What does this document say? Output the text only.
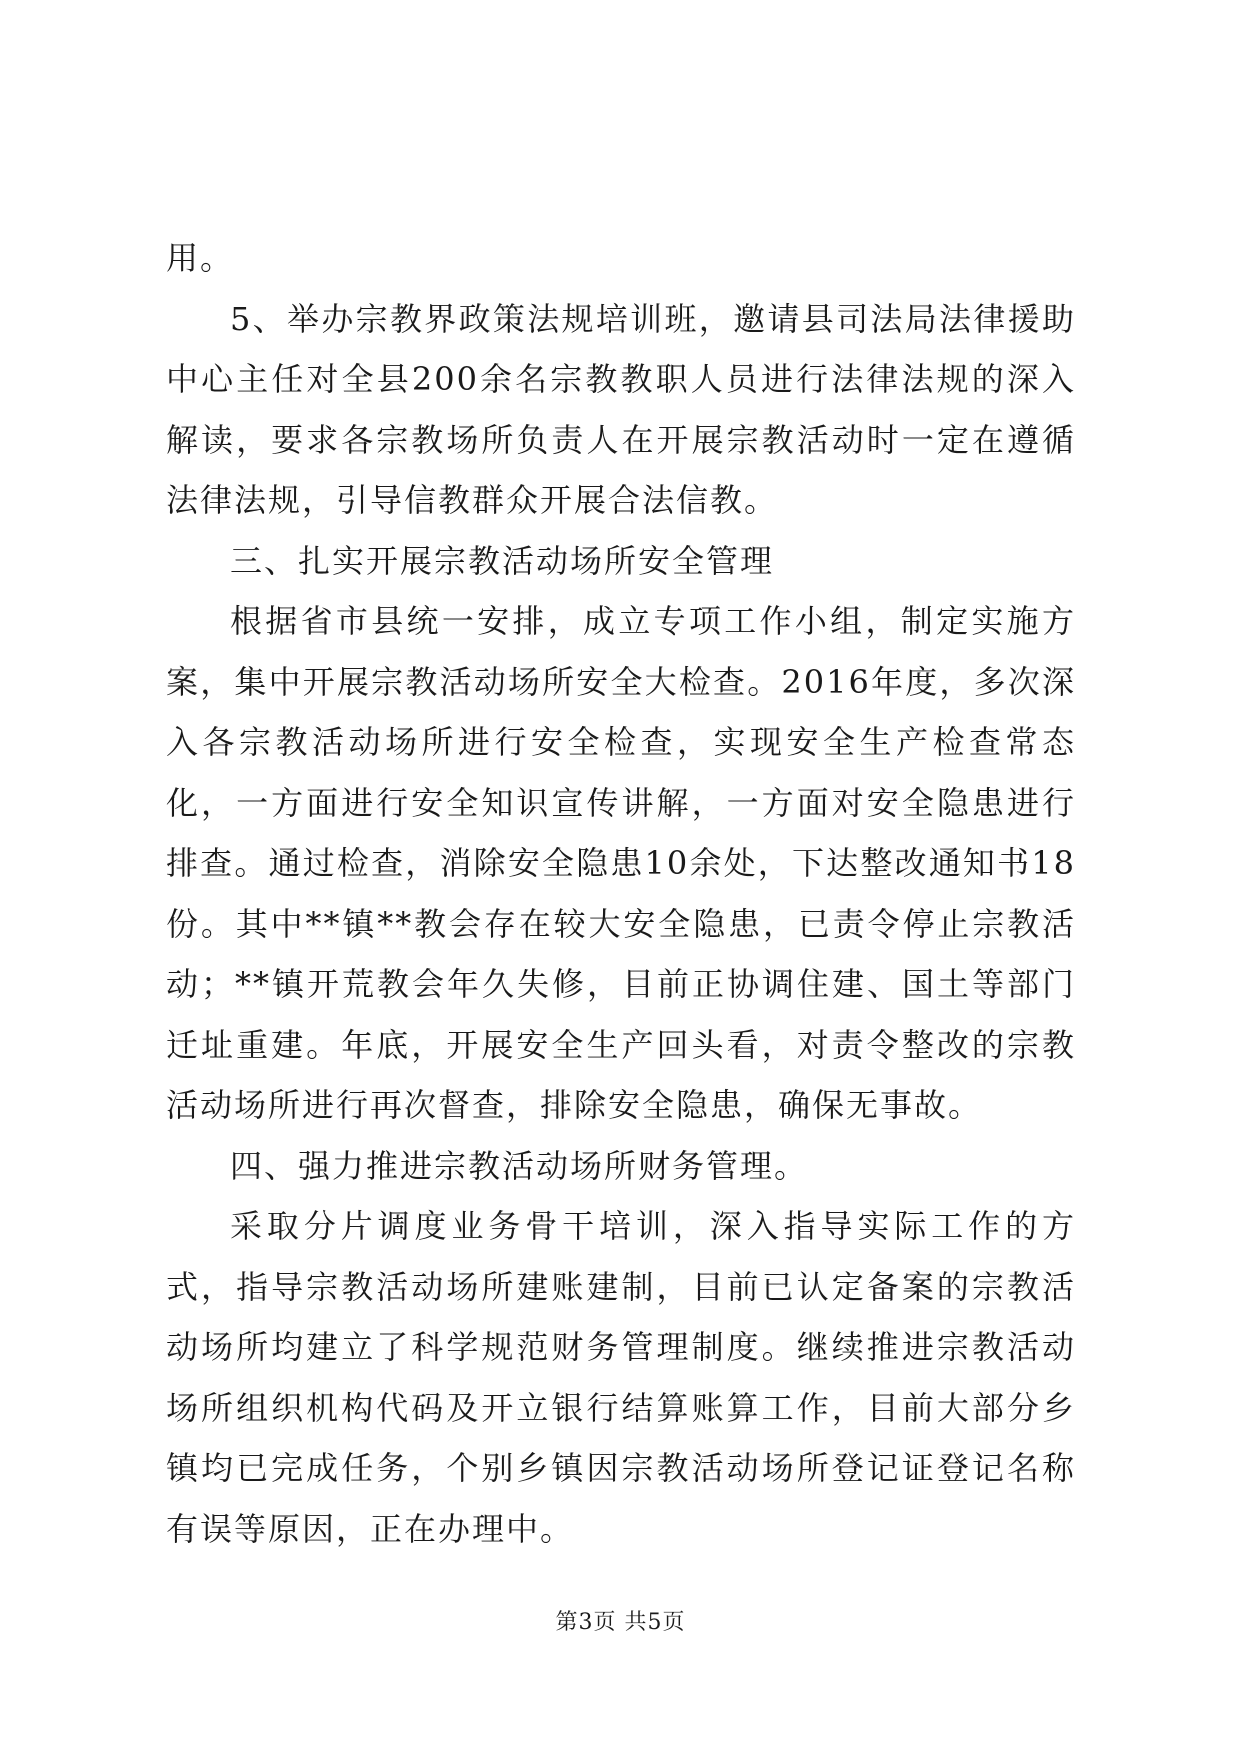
用。

5、举办宗教界政策法规培训班，邀请县司法局法律援助中心主任对全县200余名宗教教职人员进行法律法规的深入解读，要求各宗教场所负责人在开展宗教活动时一定在遵循法律法规，引导信教群众开展合法信教。

三、扎实开展宗教活动场所安全管理

根据省市县统一安排，成立专项工作小组，制定实施方案，集中开展宗教活动场所安全大检查。2016年度，多次深入各宗教活动场所进行安全检查，实现安全生产检查常态化，一方面进行安全知识宣传讲解，一方面对安全隐患进行排查。通过检查，消除安全隐患10余处，下达整改通知书18份。其中**镇**教会存在较大安全隐患，已责令停止宗教活动；**镇开荒教会年久失修，目前正协调住建、国土等部门迁址重建。年底，开展安全生产回头看，对责令整改的宗教活动场所进行再次督查，排除安全隐患，确保无事故。

四、强力推进宗教活动场所财务管理。

采取分片调度业务骨干培训，深入指导实际工作的方式，指导宗教活动场所建账建制，目前已认定备案的宗教活动场所均建立了科学规范财务管理制度。继续推进宗教活动场所组织机构代码及开立银行结算账算工作，目前大部分乡镇均已完成任务，个别乡镇因宗教活动场所登记证登记名称有误等原因，正在办理中。

第3页 共5页
